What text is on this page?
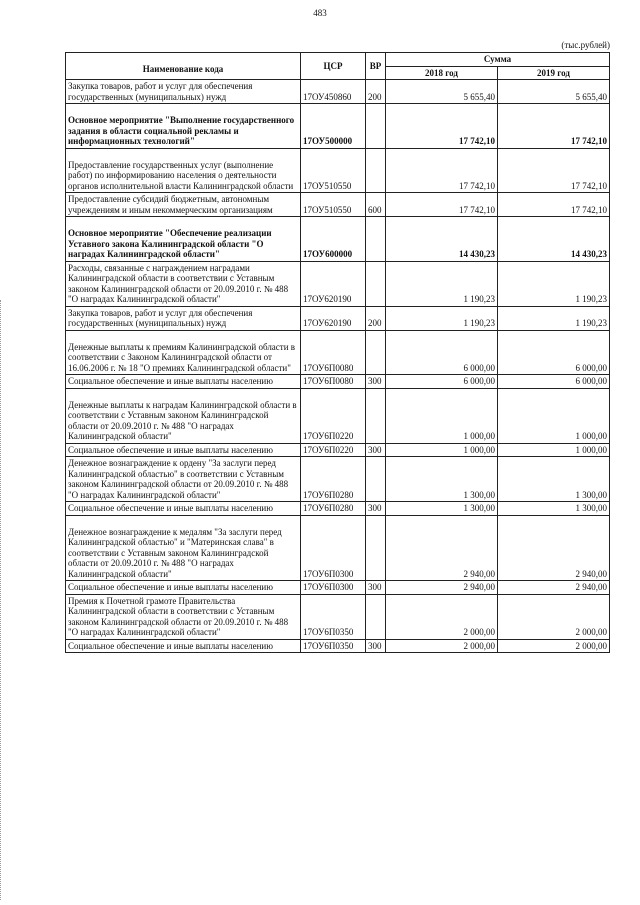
483
(тыс.рублей)
Наименование кода	ЦСР	ВР	Сумма	
			2018 год	2019 год
Закупка товаров, работ и услуг для обеспечения государственных (муниципальных) нужд	17ОУ450860	200	5 655,40	5 655,40
Основное мероприятие "Выполнение государственного задания в области социальной рекламы и информационных технологий"	17ОУ500000		17 742,10	17 742,10
Предоставление государственных услуг (выполнение работ) по информированию населения о деятельности органов исполнительной власти Калининградской области	17ОУ510550		17 742,10	17 742,10
Предоставление субсидий бюджетным, автономным учреждениям и иным некоммерческим организациям	17ОУ510550	600	17 742,10	17 742,10
Основное мероприятие "Обеспечение реализации Уставного закона Калининградской области "О наградах Калининградской области"	17ОУ600000		14 430,23	14 430,23
Расходы, связанные с награждением наградами Калининградской области в соответствии с Уставным законом Калининградской области от 20.09.2010 г. № 488 "О наградах Калининградской области"	17ОУ620190		1 190,23	1 190,23
Закупка товаров, работ и услуг для обеспечения государственных (муниципальных) нужд	17ОУ620190	200	1 190,23	1 190,23
Денежные выплаты к премиям Калининградской области в соответствии с Законом Калининградской области от 16.06.2006 г. № 18 "О премиях Калининградской области"	17ОУ6П0080		6 000,00	6 000,00
Социальное обеспечение и иные выплаты населению	17ОУ6П0080	300	6 000,00	6 000,00
Денежные выплаты к наградам Калининградской области в соответствии с Уставным законом Калининградской области от 20.09.2010 г. № 488 "О наградах Калининградской области"	17ОУ6П0220		1 000,00	1 000,00
Социальное обеспечение и иные выплаты населению	17ОУ6П0220	300	1 000,00	1 000,00
Денежное вознаграждение к ордену "За заслуги перед Калининградской областью" в соответствии с Уставным законом Калининградской области от 20.09.2010 г. № 488 "О наградах Калининградской области"	17ОУ6П0280		1 300,00	1 300,00
Социальное обеспечение и иные выплаты населению	17ОУ6П0280	300	1 300,00	1 300,00
Денежное вознаграждение к медалям "За заслуги перед Калининградской областью" и "Материнская слава" в соответствии с Уставным законом Калининградской области от 20.09.2010 г. № 488 "О наградах Калининградской области"	17ОУ6П0300		2 940,00	2 940,00
Социальное обеспечение и иные выплаты населению	17ОУ6П0300	300	2 940,00	2 940,00
Премия к Почетной грамоте Правительства Калининградской области в соответствии с Уставным законом Калининградской области от 20.09.2010 г. № 488 "О наградах Калининградской области"	17ОУ6П0350		2 000,00	2 000,00
Социальное обеспечение и иные выплаты населению	17ОУ6П0350	300	2 000,00	2 000,00
